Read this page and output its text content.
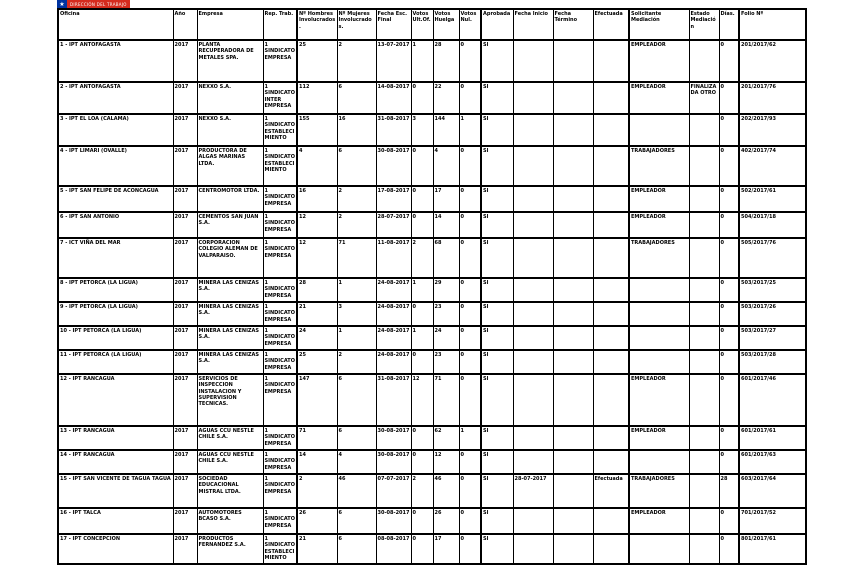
★	DIRECCIÓN DEL TRABAJO
Oficina	Año	Empresa	Rep. Trab.	Nº Hombres Involucrados.	Nº Mujeres Involucrados.	Fecha Esc. Final	Votos Ult.Of.	Votos Huelga	Votos Nul.	Aprobada	Fecha Inicio	Fecha Término	Efectuada	Solicitante Mediación	Estado Mediación	Días.	Folio Nº
1 - IPT ANTOFAGASTA	2017	PLANTA RECUPERADORA DE METALES SPA.	1 SINDICATO EMPRESA	25	2	13-07-2017	1	28	0	SI				EMPLEADOR		0	201/2017/62
2 - IPT ANTOFAGASTA	2017	NEXXO S.A.	1 SINDICATO INTER EMPRESA	112	6	14-08-2017	0	22	0	SI				EMPLEADOR	FINALIZADA OTRO	0	201/2017/76
3 - IPT EL LOA (CALAMA)	2017	NEXXO S.A.	1 SINDICATO ESTABLECIMIENTO	155	16	31-08-2017	3	144	1	SI						0	202/2017/93
4 - IPT LIMARI (OVALLE)	2017	PRODUCTORA DE ALGAS MARINAS LTDA.	1 SINDICATO ESTABLECIMIENTO	4	6	30-08-2017	0	4	0	SI				TRABAJADORES		0	402/2017/74
5 - IPT SAN FELIPE DE ACONCAGUA	2017	CENTROMOTOR LTDA.	1 SINDICATO EMPRESA	16	2	17-08-2017	0	17	0	SI				EMPLEADOR		0	502/2017/61
6 - IPT SAN ANTONIO	2017	CEMENTOS SAN JUAN S.A.	1 SINDICATO EMPRESA	12	2	28-07-2017	0	14	0	SI				EMPLEADOR		0	504/2017/18
7 - ICT VIÑA DEL MAR	2017	CORPORACION COLEGIO ALEMAN DE VALPARAISO.	1 SINDICATO EMPRESA	12	71	11-08-2017	2	68	0	SI				TRABAJADORES		0	505/2017/76
8 - IPT PETORCA (LA LIGUA)	2017	MINERA LAS CENIZAS S.A.	1 SINDICATO EMPRESA	28	1	24-08-2017	1	29	0	SI						0	503/2017/25
9 - IPT PETORCA (LA LIGUA)	2017	MINERA LAS CENIZAS S.A.	1 SINDICATO EMPRESA	21	3	24-08-2017	0	23	0	SI						0	503/2017/26
10 - IPT PETORCA (LA LIGUA)	2017	MINERA LAS CENIZAS S.A.	1 SINDICATO EMPRESA	24	1	24-08-2017	1	24	0	SI						0	503/2017/27
11 - IPT PETORCA (LA LIGUA)	2017	MINERA LAS CENIZAS S.A.	1 SINDICATO EMPRESA	25	2	24-08-2017	0	23	0	SI						0	503/2017/28
12 - IPT RANCAGUA	2017	SERVICIOS DE INSPECCION INSTALACION Y SUPERVISION TECNICAS.	1 SINDICATO EMPRESA	147	6	31-08-2017	12	71	0	SI				EMPLEADOR		0	601/2017/46
13 - IPT RANCAGUA	2017	AGUAS CCU NESTLE CHILE S.A.	1 SINDICATO EMPRESA	71	6	30-08-2017	0	62	1	SI				EMPLEADOR		0	601/2017/61
14 - IPT RANCAGUA	2017	AGUAS CCU NESTLE CHILE S.A.	1 SINDICATO EMPRESA	14	4	30-08-2017	0	12	0	SI						0	601/2017/63
15 - IPT SAN VICENTE DE TAGUA TAGUA	2017	SOCIEDAD EDUCACIONAL MISTRAL LTDA.	1 SINDICATO EMPRESA	2	46	07-07-2017	2	46	0	SI	28-07-2017		Efectuada	TRABAJADORES		28	603/2017/64
16 - IPT TALCA	2017	AUTOMOTORES BCASO S.A.	1 SINDICATO EMPRESA	26	6	30-08-2017	0	26	0	SI				EMPLEADOR		0	701/2017/52
17 - IPT CONCEPCION	2017	PRODUCTOS FERNANDEZ S.A.	1 SINDICATO ESTABLECIMIENTO	21	6	08-08-2017	0	17	0	SI						0	801/2017/61
